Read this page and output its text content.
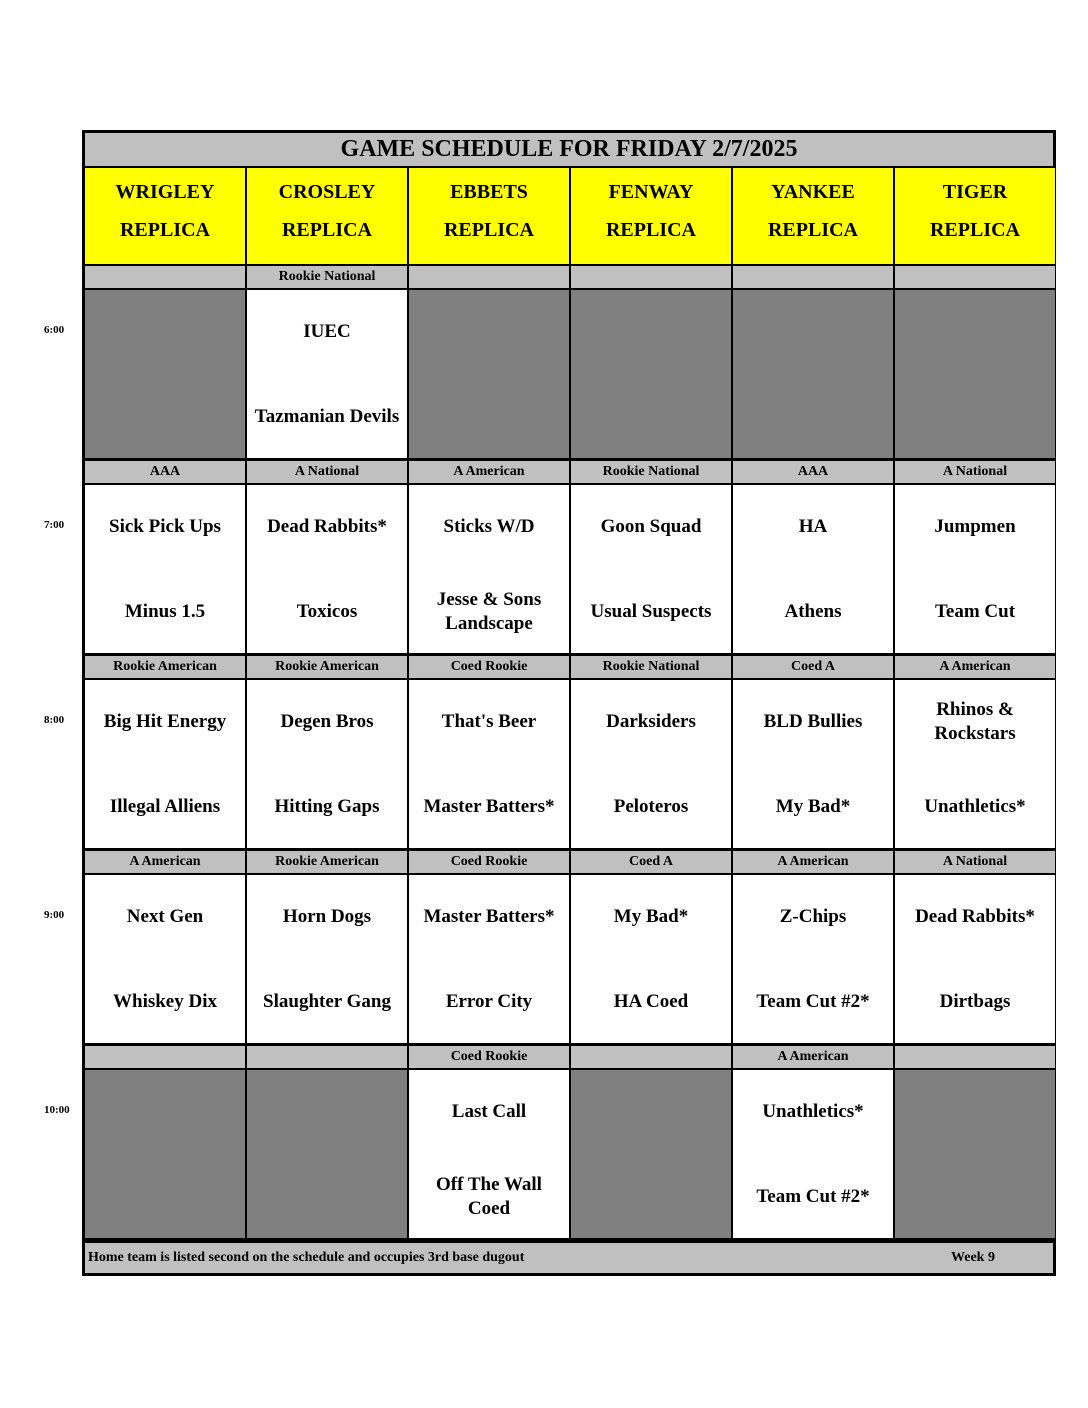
6:00
7:00
8:00
9:00
10:00
GAME SCHEDULE FOR FRIDAY 2/7/2025
WRIGLEY
REPLICA
CROSLEY
REPLICA
EBBETS
REPLICA
FENWAY
REPLICA
YANKEE
REPLICA
TIGER
REPLICA
Rookie National
IUEC
Tazmanian Devils
AAA
Sick Pick Ups
Minus 1.5
A National
Dead Rabbits*
Toxicos
A American
Sticks W/D
Jesse & Sons Landscape
Rookie National
Goon Squad
Usual Suspects
AAA
HA
Athens
A National
Jumpmen
Team Cut
Rookie American
Big Hit Energy
Illegal Alliens
Rookie American
Degen Bros
Hitting Gaps
Coed Rookie
That's Beer
Master Batters*
Rookie National
Darksiders
Peloteros
Coed A
BLD Bullies
My Bad*
A American
Rhinos & Rockstars
Unathletics*
A American
Next Gen
Whiskey Dix
Rookie American
Horn Dogs
Slaughter Gang
Coed Rookie
Master Batters*
Error City
Coed A
My Bad*
HA Coed
A American
Z-Chips
Team Cut #2*
A National
Dead Rabbits*
Dirtbags
Coed Rookie
Last Call
Off The Wall Coed
A American
Unathletics*
Team Cut #2*
Home team is listed second on the schedule and occupies 3rd base dugout	Week 9
